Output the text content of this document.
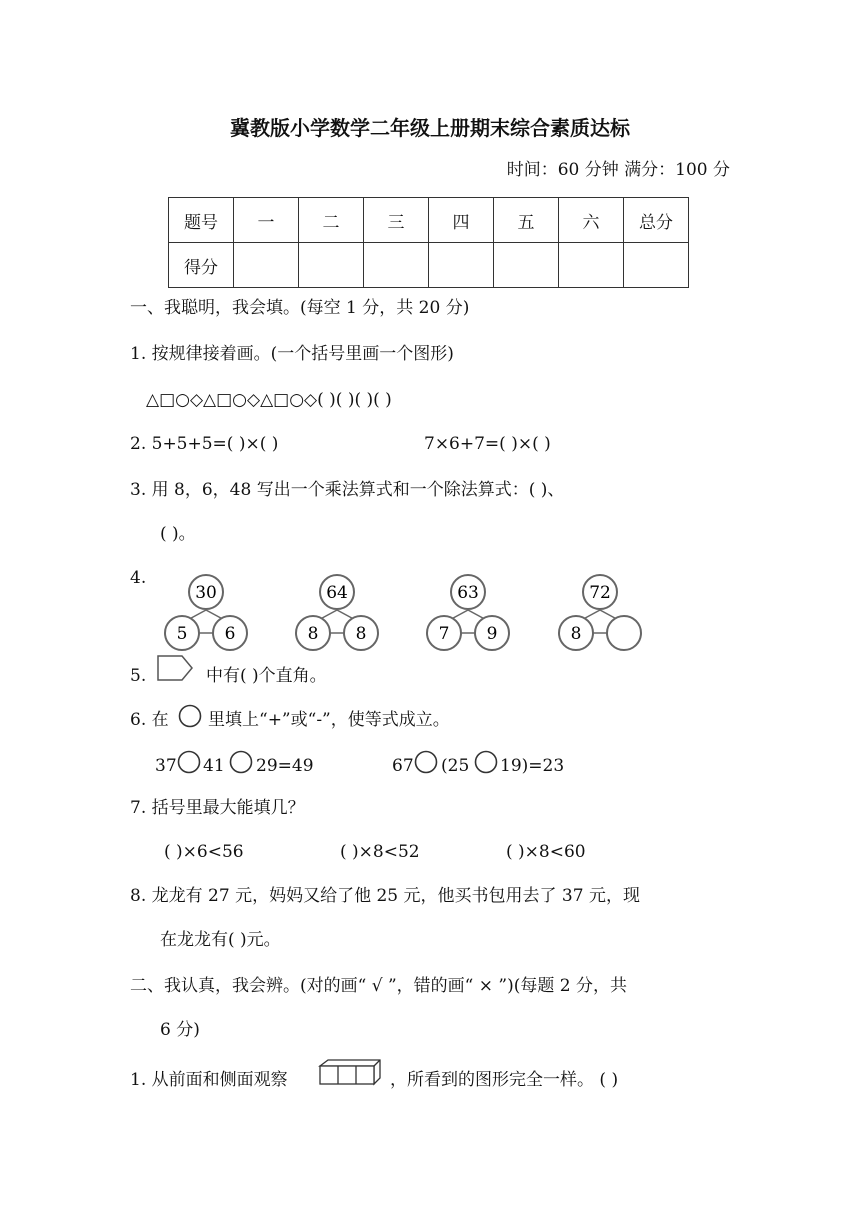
冀教版小学数学二年级上册期末综合素质达标
时间：60 分钟 满分：100 分
题号	一	二	三	四	五	六	总分
得分							
一、我聪明，我会填。(每空 1 分，共 20 分)
1. 按规律接着画。(一个括号里画一个图形)
△□○◇△□○◇△□○◇( )( )( )( )
2. 5+5+5=( )×( )	7×6+7=( )×( )
3. 用 8，6，48 写出一个乘法算式和一个除法算式：( )、
( )。
4.
30
5 6
64
8 8
63
7 9
72
8
5.	中有( )个直角。
6. 在 里填上“+”或“-”，使等式成立。
37 41 29=49	67 (25 19)=23
7. 括号里最大能填几？
( )×6<56	( )×8<52	( )×8<60
8. 龙龙有 27 元，妈妈又给了他 25 元，他买书包用去了 37 元，现
在龙龙有( )元。
二、我认真，我会辨。(对的画“ √ ”，错的画“ × ”)(每题 2 分，共
6 分)
1. 从前面和侧面观察	，所看到的图形完全一样。 ( )
